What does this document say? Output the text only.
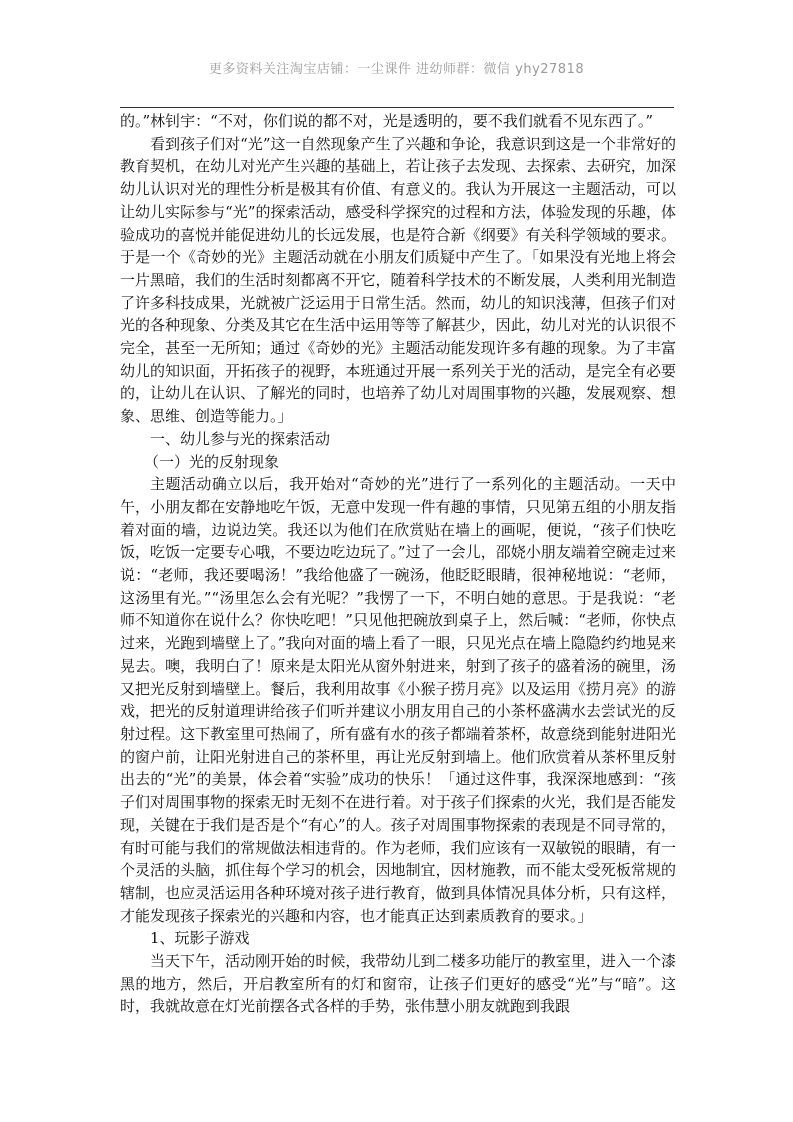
更多资料关注淘宝店铺：一尘课件 进幼师群：微信 yhy27818

的。”林钊宇：“不对，你们说的都不对，光是透明的，要不我们就看不见东西了。”

看到孩子们对“光”这一自然现象产生了兴趣和争论，我意识到这是一个非常好的教育契机，在幼儿对光产生兴趣的基础上，若让孩子去发现、去探索、去研究，加深幼儿认识对光的理性分析是极其有价值、有意义的。我认为开展这一主题活动，可以让幼儿实际参与“光”的探索活动，感受科学探究的过程和方法，体验发现的乐趣，体验成功的喜悦并能促进幼儿的长远发展，也是符合新《纲要》有关科学领域的要求。于是一个《奇妙的光》主题活动就在小朋友们质疑中产生了。「如果没有光地上将会一片黑暗，我们的生活时刻都离不开它，随着科学技术的不断发展，人类利用光制造了许多科技成果，光就被广泛运用于日常生活。然而，幼儿的知识浅薄，但孩子们对光的各种现象、分类及其它在生活中运用等等了解甚少，因此，幼儿对光的认识很不完全，甚至一无所知；通过《奇妙的光》主题活动能发现许多有趣的现象。为了丰富幼儿的知识面，开拓孩子的视野，本班通过开展一系列关于光的活动，是完全有必要的，让幼儿在认识、了解光的同时，也培养了幼儿对周围事物的兴趣，发展观察、想象、思维、创造等能力。」

一、幼儿参与光的探索活动

（一）光的反射现象

主题活动确立以后，我开始对“奇妙的光”进行了一系列化的主题活动。一天中午，小朋友都在安静地吃午饭，无意中发现一件有趣的事情，只见第五组的小朋友指着对面的墙，边说边笑。我还以为他们在欣赏贴在墙上的画呢，便说，“孩子们快吃饭，吃饭一定要专心哦，不要边吃边玩了。”过了一会儿，邵娆小朋友端着空碗走过来说：“老师，我还要喝汤！”我给他盛了一碗汤，他眨眨眼睛，很神秘地说：“老师，这汤里有光。”“汤里怎么会有光呢？”我愣了一下，不明白她的意思。于是我说：“老师不知道你在说什么？你快吃吧！”只见他把碗放到桌子上，然后喊：“老师，你快点过来，光跑到墙壁上了。”我向对面的墙上看了一眼，只见光点在墙上隐隐约约地晃来晃去。噢，我明白了！原来是太阳光从窗外射进来，射到了孩子的盛着汤的碗里，汤又把光反射到墙壁上。餐后，我利用故事《小猴子捞月亮》以及运用《捞月亮》的游戏，把光的反射道理讲给孩子们听并建议小朋友用自己的小茶杯盛满水去尝试光的反射过程。这下教室里可热闹了，所有盛有水的孩子都端着茶杯，故意绕到能射进阳光的窗户前，让阳光射进自己的茶杯里，再让光反射到墙上。他们欣赏着从茶杯里反射出去的“光”的美景，体会着“实验”成功的快乐！「通过这件事，我深深地感到：“孩子们对周围事物的探索无时无刻不在进行着。对于孩子们探索的火光，我们是否能发现，关键在于我们是否是个“有心”的人。孩子对周围事物探索的表现是不同寻常的，有时可能与我们的常规做法相违背的。作为老师，我们应该有一双敏锐的眼睛，有一个灵活的头脑，抓住每个学习的机会，因地制宜，因材施教，而不能太受死板常规的辖制，也应灵活运用各种环境对孩子进行教育，做到具体情况具体分析，只有这样，才能发现孩子探索光的兴趣和内容，也才能真正达到素质教育的要求。」

1、玩影子游戏

当天下午，活动刚开始的时候，我带幼儿到二楼多功能厅的教室里，进入一个漆黑的地方，然后，开启教室所有的灯和窗帘，让孩子们更好的感受“光”与“暗”。这时，我就故意在灯光前摆各式各样的手势，张伟慧小朋友就跑到我跟
